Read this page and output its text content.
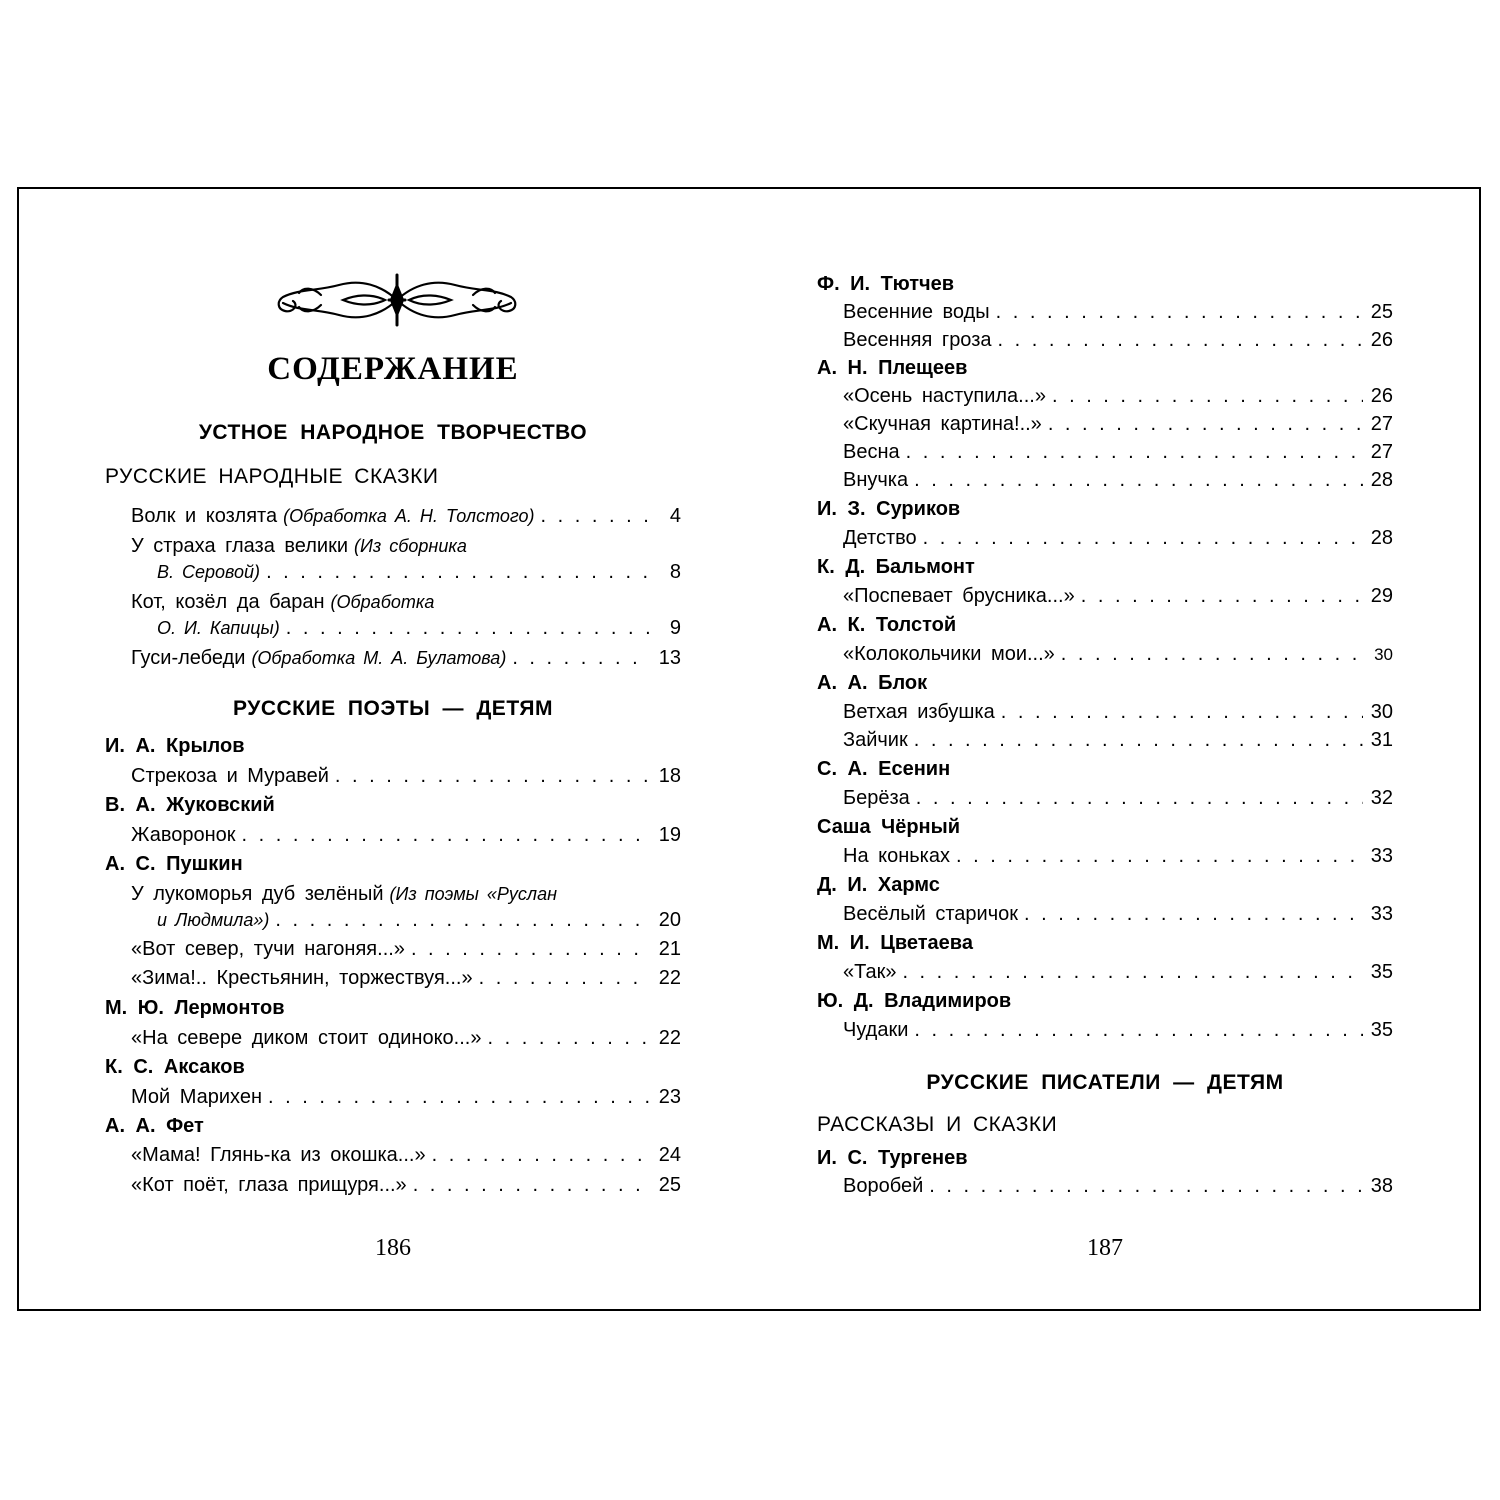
СОДЕРЖАНИЕ
УСТНОЕ НАРОДНОЕ ТВОРЧЕСТВО
РУССКИЕ НАРОДНЫЕ СКАЗКИ
Волк и козлята (Обработка А. Н. Толстого) . . .	4
У страха глаза велики (Из сборника
В. Серовой) . . .	8
Кот, козёл да баран (Обработка
О. И. Капицы) . . .	9
Гуси-лебеди (Обработка М. А. Булатова) . . .	13
РУССКИЕ ПОЭТЫ — ДЕТЯМ
И. А. Крылов
Стрекоза и Муравей . . .	18
В. А. Жуковский
Жаворонок . . .	19
А. С. Пушкин
У лукоморья дуб зелёный (Из поэмы «Руслан
и Людмила») . . .	20
«Вот север, тучи нагоняя...» . . .	21
«Зима!.. Крестьянин, торжествуя...» . . .	22
М. Ю. Лермонтов
«На севере диком стоит одиноко...» . . .	22
К. С. Аксаков
Мой Марихен . . .	23
А. А. Фет
«Мама! Глянь-ка из окошка...» . . .	24
«Кот поёт, глаза прищуря...» . . .	25
186
Ф. И. Тютчев
Весенние воды . . .	25
Весенняя гроза . . .	26
А. Н. Плещеев
«Осень наступила...» . . .	26
«Скучная картина!..» . . .	27
Весна . . .	27
Внучка . . .	28
И. З. Суриков
Детство . . .	28
К. Д. Бальмонт
«Поспевает брусника...» . . .	29
А. К. Толстой
«Колокольчики мои...» . . .	30
А. А. Блок
Ветхая избушка . . .	30
Зайчик . . .	31
С. А. Есенин
Берёза . . .	32
Саша Чёрный
На коньках . . .	33
Д. И. Хармс
Весёлый старичок . . .	33
М. И. Цветаева
«Так» . . .	35
Ю. Д. Владимиров
Чудаки . . .	35
РУССКИЕ ПИСАТЕЛИ — ДЕТЯМ
РАССКАЗЫ И СКАЗКИ
И. С. Тургенев
Воробей . . .	38
187
